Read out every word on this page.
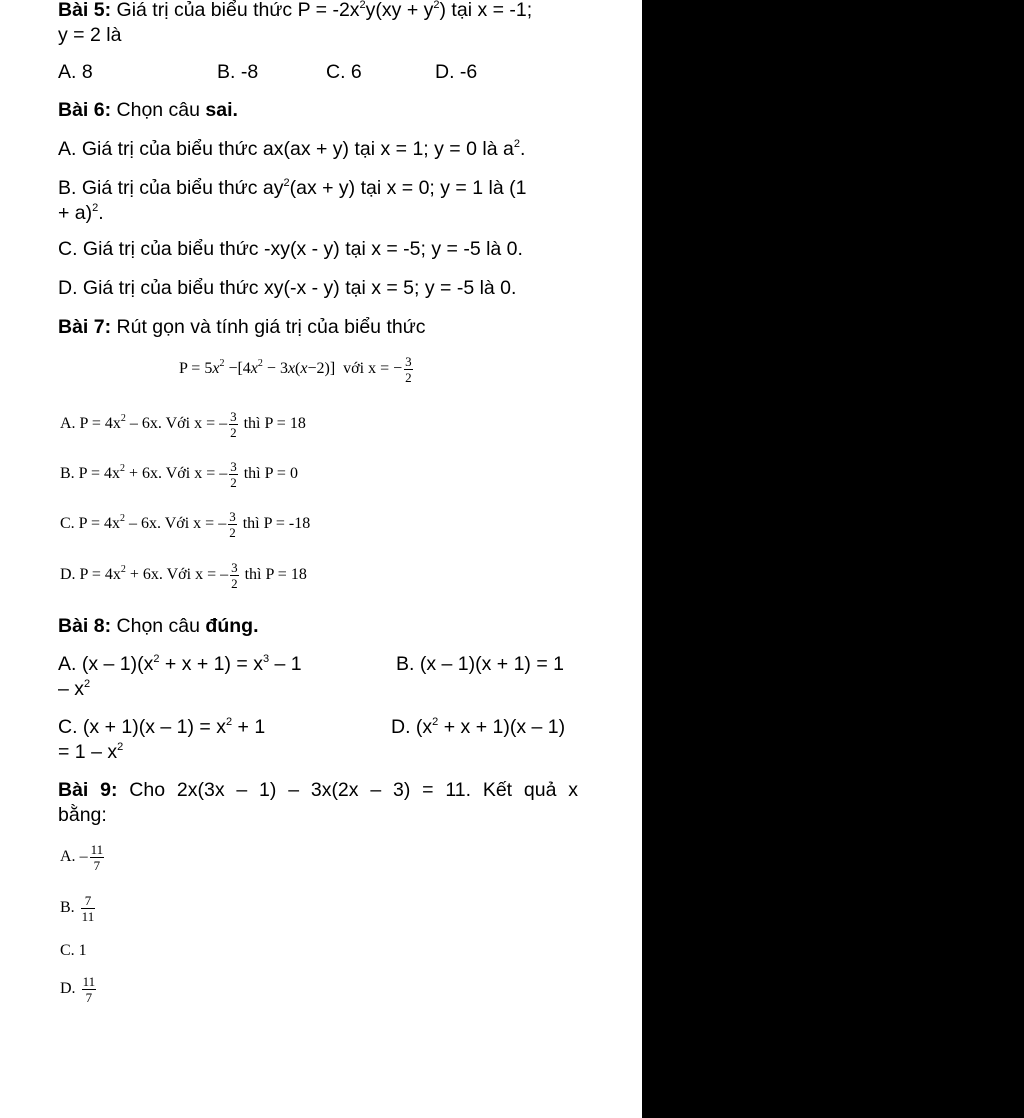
Bài 5: Giá trị của biểu thức $P = -2x^2y(xy + y^2)$ tại x = -1;
y = 2 là
A. 8	B. -8	C. 6	D. -6
Bài 6: Chọn câu sai.
A. Giá trị của biểu thức ax(ax + y) tại x = 1; y = 0 là $a^2$.
B. Giá trị của biểu thức $ay^2(ax + y)$ tại x = 0; y = 1 là (1
+ a)$^2$.
C. Giá trị của biểu thức -xy(x - y) tại x = -5; y = -5 là 0.
D. Giá trị của biểu thức xy(-x - y) tại x = 5; y = -5 là 0.
Bài 7: Rút gọn và tính giá trị của biểu thức
$P = 5x^2 -[4x^2 - 3x(x-2)]$ với x = − $\frac{3}{2}$
A. $P = 4x^2 - 6x$. Với x = – $\frac{3}{2}$ thì P = 18
B. $P = 4x^2 + 6x$. Với x = – $\frac{3}{2}$ thì P = 0
C. $P = 4x^2 - 6x$. Với x = – $\frac{3}{2}$ thì P = -18
D. $P = 4x^2 + 6x$. Với x = – $\frac{3}{2}$ thì P = 18
Bài 8: Chọn câu đúng.
A. $(x - 1)(x^2 + x + 1) = x^3 - 1$	B. (x – 1)(x + 1) = 1
– $x^2$
C. $(x + 1)(x - 1) = x^2 + 1$	D. $(x^2 + x + 1)(x - 1)$
= $1 - x^2$
Bài 9: Cho 2x(3x – 1) – 3x(2x – 3) = 11. Kết quả x
bằng:
A. – $\frac{11}{7}$
B. $\frac{7}{11}$
C. 1
D. $\frac{11}{7}$
